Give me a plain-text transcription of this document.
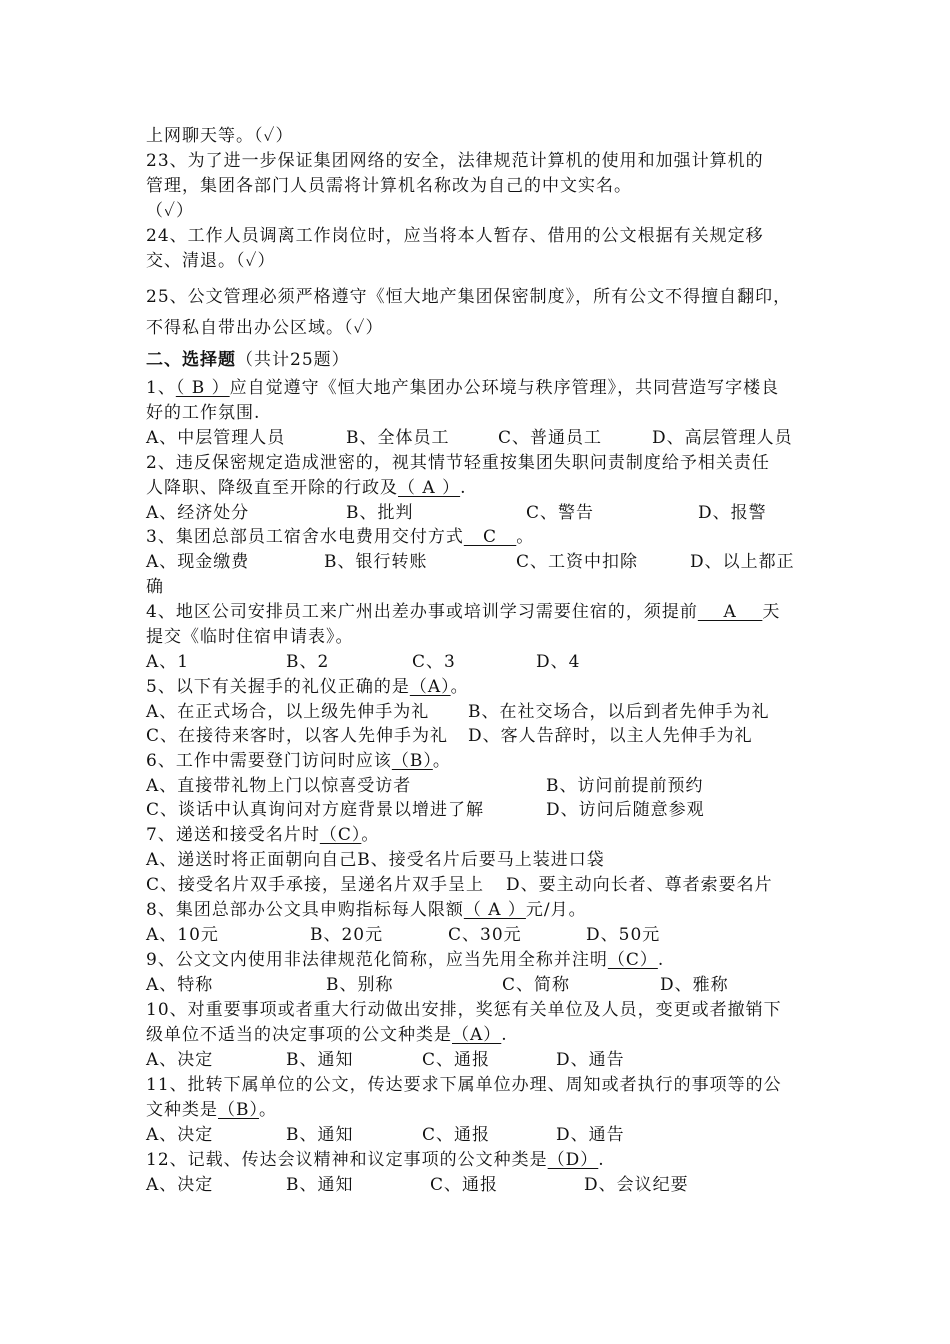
上网聊天等。（✓）
23、为了进一步保证集团网络的安全，法律规范计算机的使用和加强计算机的
管理，集团各部门人员需将计算机名称改为自己的中文实名。
（✓）
24、工作人员调离工作岗位时，应当将本人暂存、借用的公文根据有关规定移
交、清退。（✓）
25、公文管理必须严格遵守《恒大地产集团保密制度》，所有公文不得擅自翻印，
不得私自带出办公区域。（✓）
二、选择题（共计25题）
1、（ B ）应自觉遵守《恒大地产集团办公环境与秩序管理》，共同营造写字楼良
好的工作氛围.
A、中层管理人员	B、全体员工	C、普通员工	D、高层管理人员
2、违反保密规定造成泄密的，视其情节轻重按集团失职问责制度给予相关责任
人降职、降级直至开除的行政及（ A ）.
A、经济处分	B、批判	C、警告	D、报警
3、集团总部员工宿舍水电费用交付方式   C   。
A、现金缴费	B、银行转账	C、工资中扣除	D、以上都正
确
4、地区公司安排员工来广州出差办事或培训学习需要住宿的，须提前    A    天
提交《临时住宿申请表》。
A、1	B、2	C、3	D、4
5、以下有关握手的礼仪正确的是（A）。
A、在正式场合，以上级先伸手为礼 B、在社交场合，以后到者先伸手为礼
C、在接待来客时，以客人先伸手为礼 D、客人告辞时，以主人先伸手为礼
6、工作中需要登门访问时应该（B）。
A、直接带礼物上门以惊喜受访者	B、访问前提前预约
C、谈话中认真询问对方庭背景以增进了解	D、访问后随意参观
7、递送和接受名片时（C）。
A、递送时将正面朝向自己B、接受名片后要马上装进口袋
C、接受名片双手承接，呈递名片双手呈上 D、要主动向长者、尊者索要名片
8、集团总部办公文具申购指标每人限额（ A ）元/月。
A、10元	B、20元	C、30元	D、50元
9、公文文内使用非法律规范化简称，应当先用全称并注明（C）.
A、特称	B、别称	C、简称	D、雅称
10、对重要事项或者重大行动做出安排，奖惩有关单位及人员，变更或者撤销下
级单位不适当的决定事项的公文种类是（A）.
A、决定	B、通知	C、通报	D、通告
11、批转下属单位的公文，传达要求下属单位办理、周知或者执行的事项等的公
文种类是（B）。
A、决定	B、通知	C、通报	D、通告
12、记载、传达会议精神和议定事项的公文种类是（D）.
A、决定	B、通知	C、通报	D、会议纪要
